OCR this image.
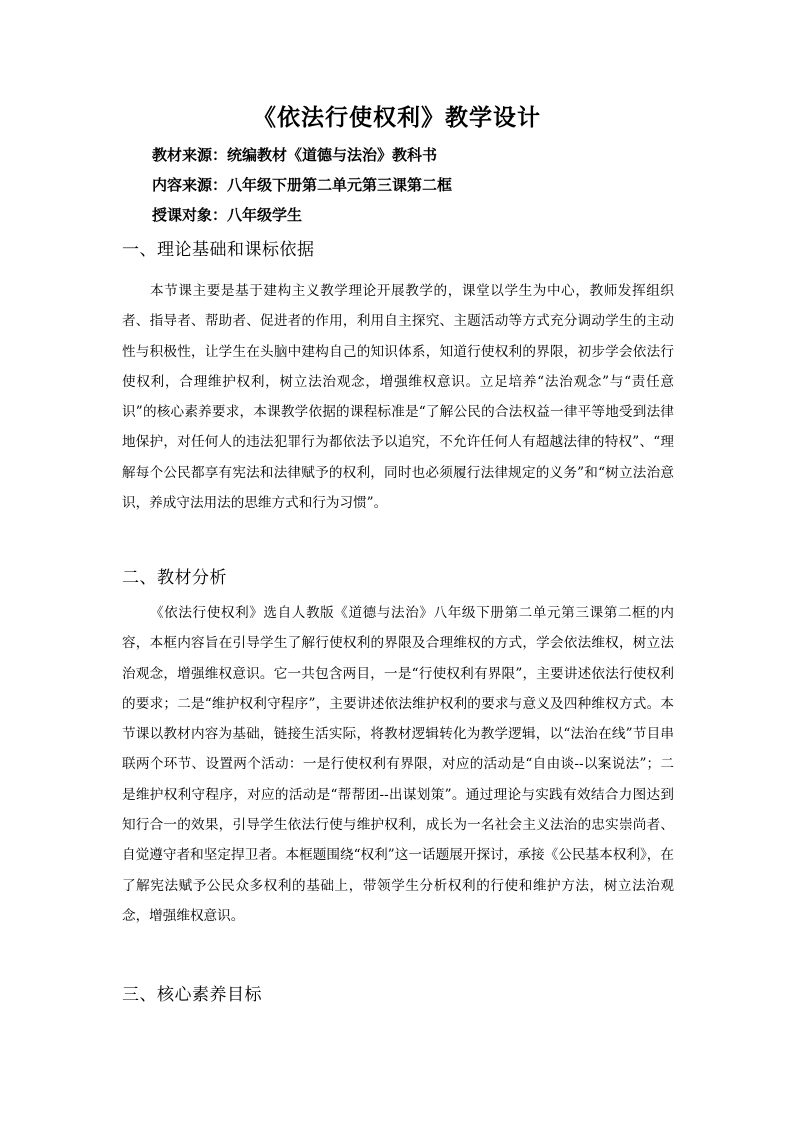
《依法行使权利》教学设计
教材来源：统编教材《道德与法治》教科书
内容来源：八年级下册第二单元第三课第二框
授课对象：八年级学生
一、理论基础和课标依据

本节课主要是基于建构主义教学理论开展教学的，课堂以学生为中心，教师发挥组织者、指导者、帮助者、促进者的作用，利用自主探究、主题活动等方式充分调动学生的主动性与积极性，让学生在头脑中建构自己的知识体系，知道行使权利的界限，初步学会依法行使权利，合理维护权利，树立法治观念，增强维权意识。立足培养“法治观念”与“责任意识”的核心素养要求，本课教学依据的课程标准是“了解公民的合法权益一律平等地受到法律地保护，对任何人的违法犯罪行为都依法予以追究，不允许任何人有超越法律的特权”、“理解每个公民都享有宪法和法律赋予的权利，同时也必须履行法律规定的义务”和“树立法治意识，养成守法用法的思维方式和行为习惯”。

二、教材分析

《依法行使权利》选自人教版《道德与法治》八年级下册第二单元第三课第二框的内容，本框内容旨在引导学生了解行使权利的界限及合理维权的方式，学会依法维权，树立法治观念，增强维权意识。它一共包含两目，一是“行使权利有界限”，主要讲述依法行使权利的要求；二是“维护权利守程序”，主要讲述依法维护权利的要求与意义及四种维权方式。本节课以教材内容为基础，链接生活实际，将教材逻辑转化为教学逻辑，以“法治在线”节目串联两个环节、设置两个活动：一是行使权利有界限，对应的活动是“自由谈--以案说法”；二是维护权利守程序，对应的活动是“帮帮团--出谋划策”。通过理论与实践有效结合力图达到知行合一的效果，引导学生依法行使与维护权利，成长为一名社会主义法治的忠实崇尚者、自觉遵守者和坚定捍卫者。本框题围绕“权利”这一话题展开探讨，承接《公民基本权利》，在了解宪法赋予公民众多权利的基础上，带领学生分析权利的行使和维护方法，树立法治观念，增强维权意识。

三、核心素养目标
